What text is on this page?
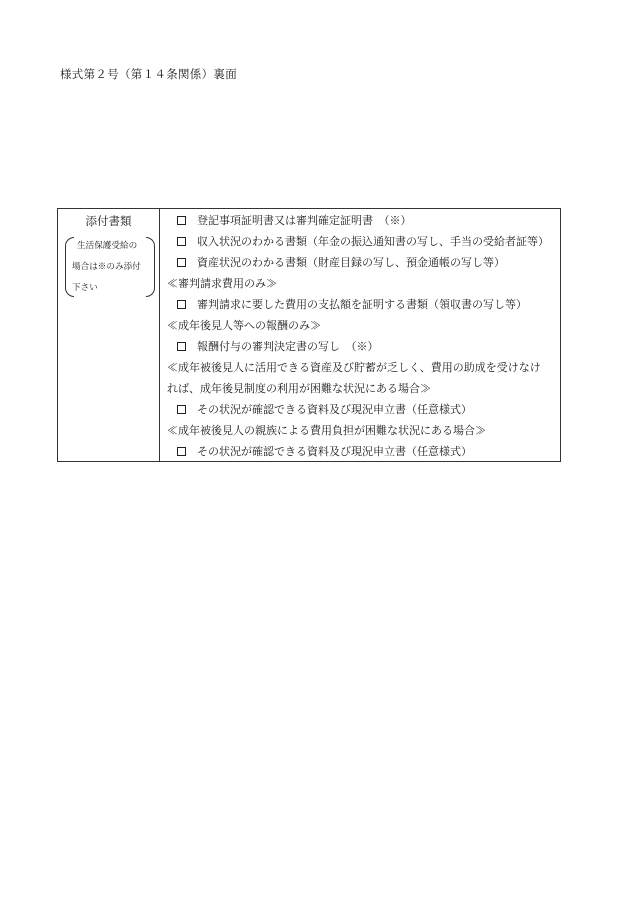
様式第２号（第１４条関係）裏面
添付書類
生活保護受給の
場合は※のみ添付
下さい
登記事項証明書又は審判確定証明書　（※）
収入状況のわかる書類（年金の振込通知書の写し、手当の受給者証等）
資産状況のわかる書類（財産目録の写し、預金通帳の写し等）
≪審判請求費用のみ≫
審判請求に要した費用の支払額を証明する書類（領収書の写し等）
≪成年後見人等への報酬のみ≫
報酬付与の審判決定書の写し　（※）
≪成年被後見人に活用できる資産及び貯蓄が乏しく、費用の助成を受けなけ
れば、成年後見制度の利用が困難な状況にある場合≫
その状況が確認できる資料及び現況申立書（任意様式）
≪成年被後見人の親族による費用負担が困難な状況にある場合≫
その状況が確認できる資料及び現況申立書（任意様式）
